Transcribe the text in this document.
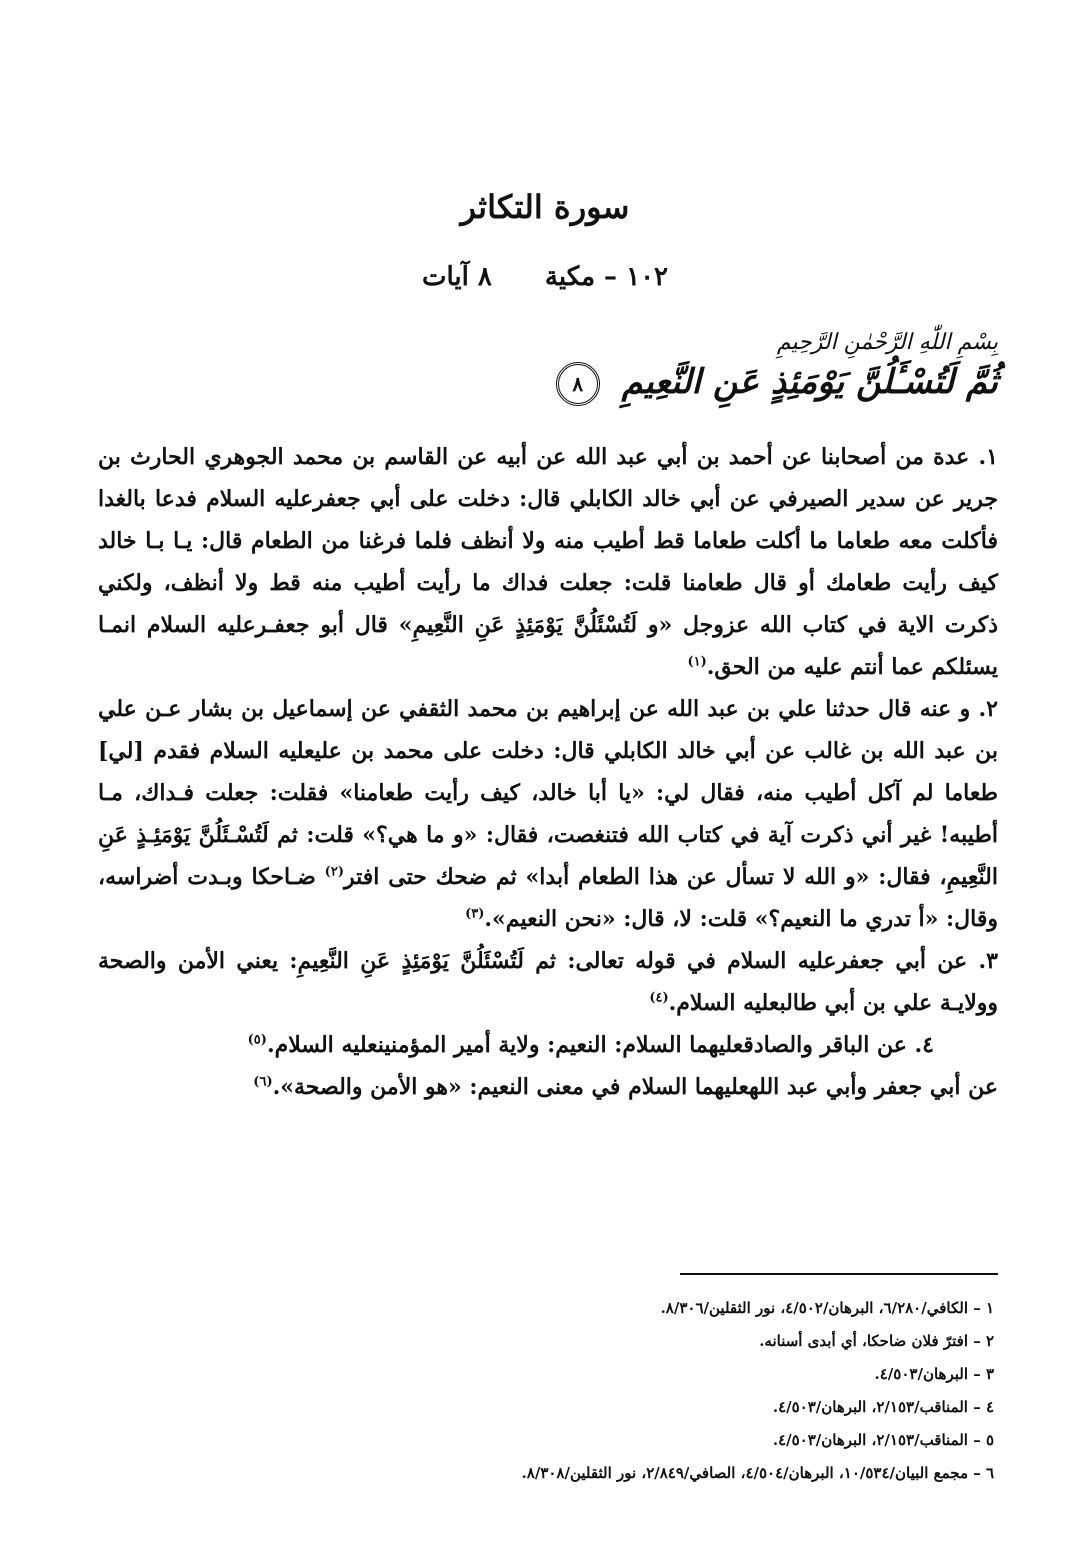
سورة التكاثر
١٠٢ – مكية ٨ آيات
بِسْمِ اللّٰهِ الرَّحْمٰنِ الرَّحِيمِ
ثُمَّ لَتُسْـَٔلُنَّ يَوْمَئِذٍ عَنِ النَّعِيمِ ٨

١. عدة من أصحابنا عن أحمد بن أبي عبد الله عن أبيه عن القاسم بن محمد الجوهري الحارث بن جرير عن سدير الصيرفي عن أبي خالد الكابلي قال: دخلت على أبي جعفرعليه السلام فدعا بالغدا فأكلت معه طعاما ما أكلت طعاما قط أطيب منه ولا أنظف فلما فرغنا من الطعام قال: يـا بـا خالد كيف رأيت طعامك أو قال طعامنا قلت: جعلت فداك ما رأيت أطيب منه قط ولا أنظف، ولكني ذكرت الاية في كتاب الله عزوجل «و لَتُسْئَلُنَّ يَوْمَئِذٍ عَنِ النَّعِيمِ» قال أبو جعفـرعليه السلام انمـا يسئلكم عما أنتم عليه من الحق.$^{(١)}$

٢. و عنه قال حدثنا علي بن عبد الله عن إبراهيم بن محمد الثقفي عن إسماعيل بن بشار عـن علي بن عبد الله بن غالب عن أبي خالد الكابلي قال: دخلت على محمد بن عليعليه السلام فقدم [لي] طعاما لم آكل أطيب منه، فقال لي: «يا أبا خالد، كيف رأيت طعامنا» فقلت: جعلت فـداك، مـا أطيبه! غير أني ذكرت آية في كتاب الله فتنغصت، فقال: «و ما هي؟» قلت: ثم لَتُسْـئَلُنَّ يَوْمَئِـذٍ عَنِ النَّعِيمِ، فقال: «و الله لا تسأل عن هذا الطعام أبدا» ثم ضحك حتى افتر$^{(٢)}$ ضـاحكا وبـدت أضراسه، وقال: «أ تدري ما النعيم؟» قلت: لا، قال: «نحن النعيم».$^{(٣)}$

٣. عن أبي جعفرعليه السلام في قوله تعالى: ثم لَتُسْئَلُنَّ يَوْمَئِذٍ عَنِ النَّعِيمِ: يعني الأمن والصحة وولايـة علي بن أبي طالبعليه السلام.$^{(٤)}$

٤. عن الباقر والصادقعليهما السلام: النعيم: ولاية أمير المؤمنينعليه السلام.$^{(٥)}$

عن أبي جعفر وأبي عبد اللهعليهما السلام في معنى النعيم: «هو الأمن والصحة».$^{(٦)}$

١ – الكافي/٦/٢٨٠، البرهان/٤/٥٠٢، نور الثقلين/٨/٣٠٦.
٢ – افترّ فلان ضاحكا، أي أبدى أسنانه.
٣ – البرهان/٤/٥٠٣.
٤ – المناقب/٢/١٥٣، البرهان/٤/٥٠٣.
٥ – المناقب/٢/١٥٣، البرهان/٤/٥٠٣.
٦ – مجمع البيان/١٠/٥٣٤، البرهان/٤/٥٠٤، الصافي/٢/٨٤٩، نور الثقلين/٨/٣٠٨.
